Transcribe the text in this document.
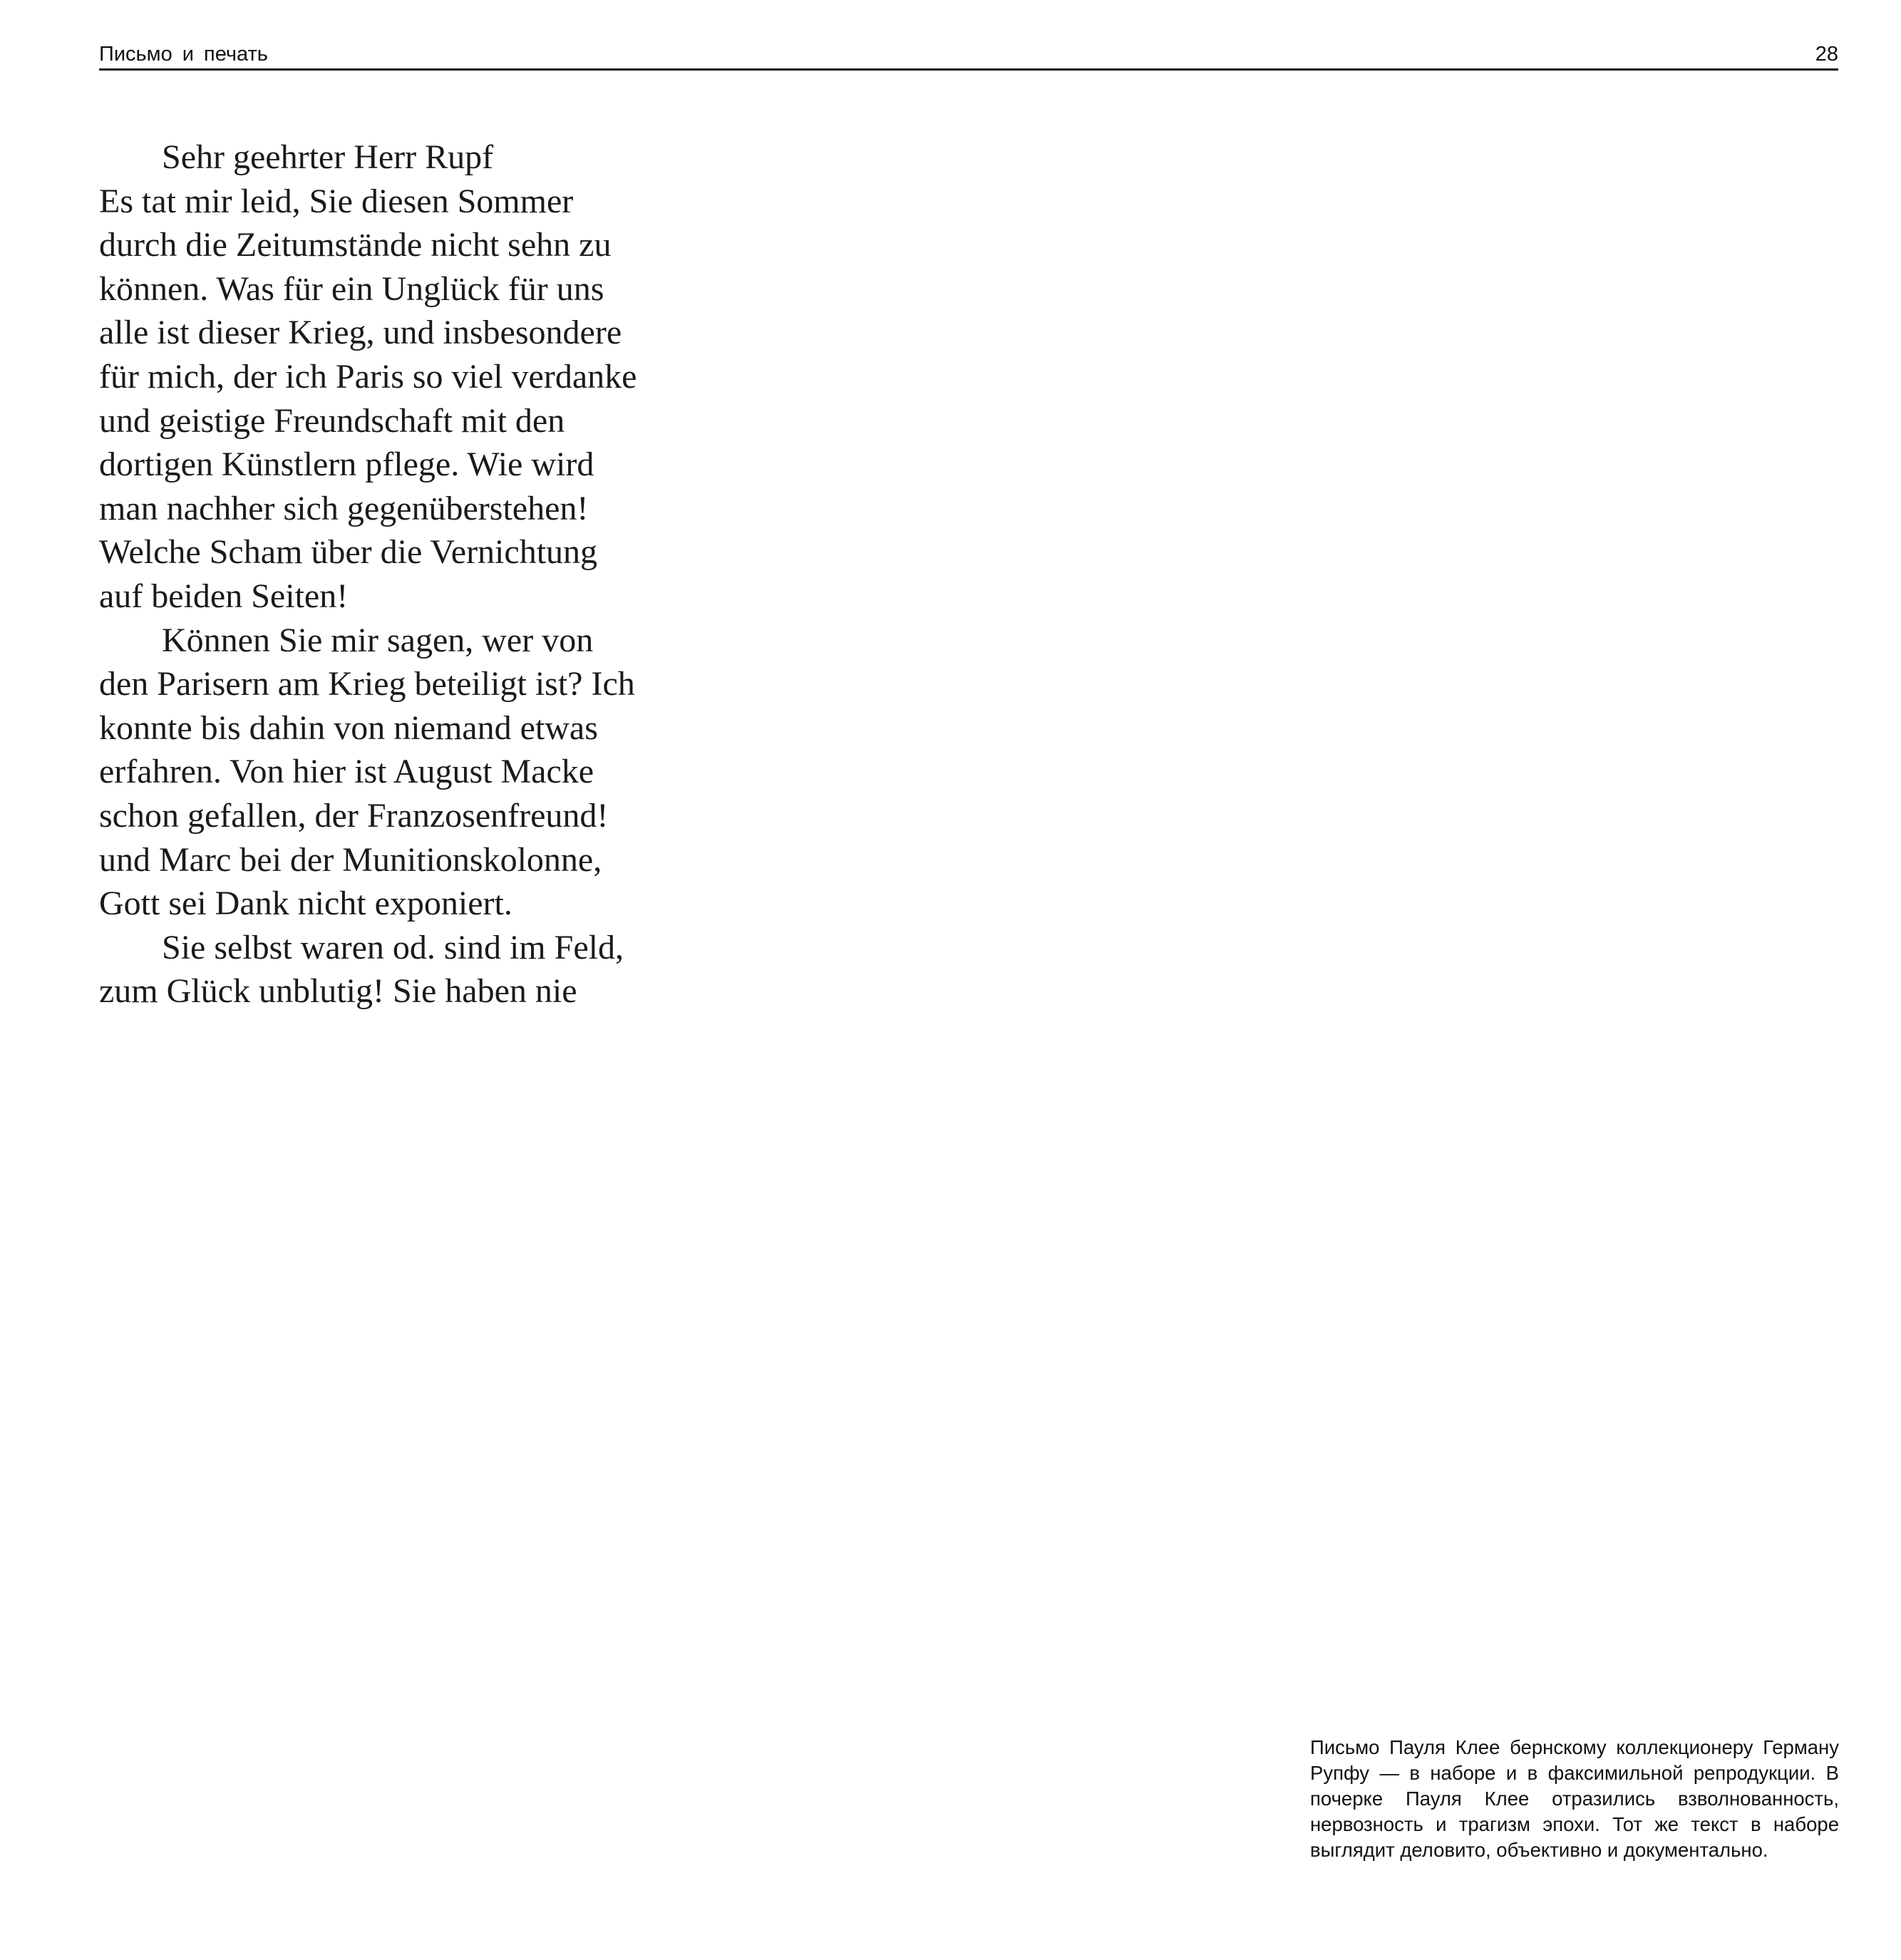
Письмо и печать	28
Sehr geehrter Herr Rupf
Es tat mir leid, Sie diesen Sommer
durch die Zeitumstände nicht sehn zu
können. Was für ein Unglück für uns
alle ist dieser Krieg, und insbesondere
für mich, der ich Paris so viel verdanke
und geistige Freundschaft mit den
dortigen Künstlern pflege. Wie wird
man nachher sich gegenüberstehen!
Welche Scham über die Vernichtung
auf beiden Seiten!
Können Sie mir sagen, wer von
den Parisern am Krieg beteiligt ist? Ich
konnte bis dahin von niemand etwas
erfahren. Von hier ist August Macke
schon gefallen, der Franzosenfreund!
und Marc bei der Munitionskolonne,
Gott sei Dank nicht exponiert.
Sie selbst waren od. sind im Feld,
zum Glück unblutig! Sie haben nie
Письмо Пауля Клее бернскому коллекционеру Герману Рупфу — в наборе и в факсимильной репродукции. В почерке Пауля Клее отразились взволнованность, нервозность и трагизм эпохи. Тот же текст в наборе выглядит деловито, объективно и документально.
